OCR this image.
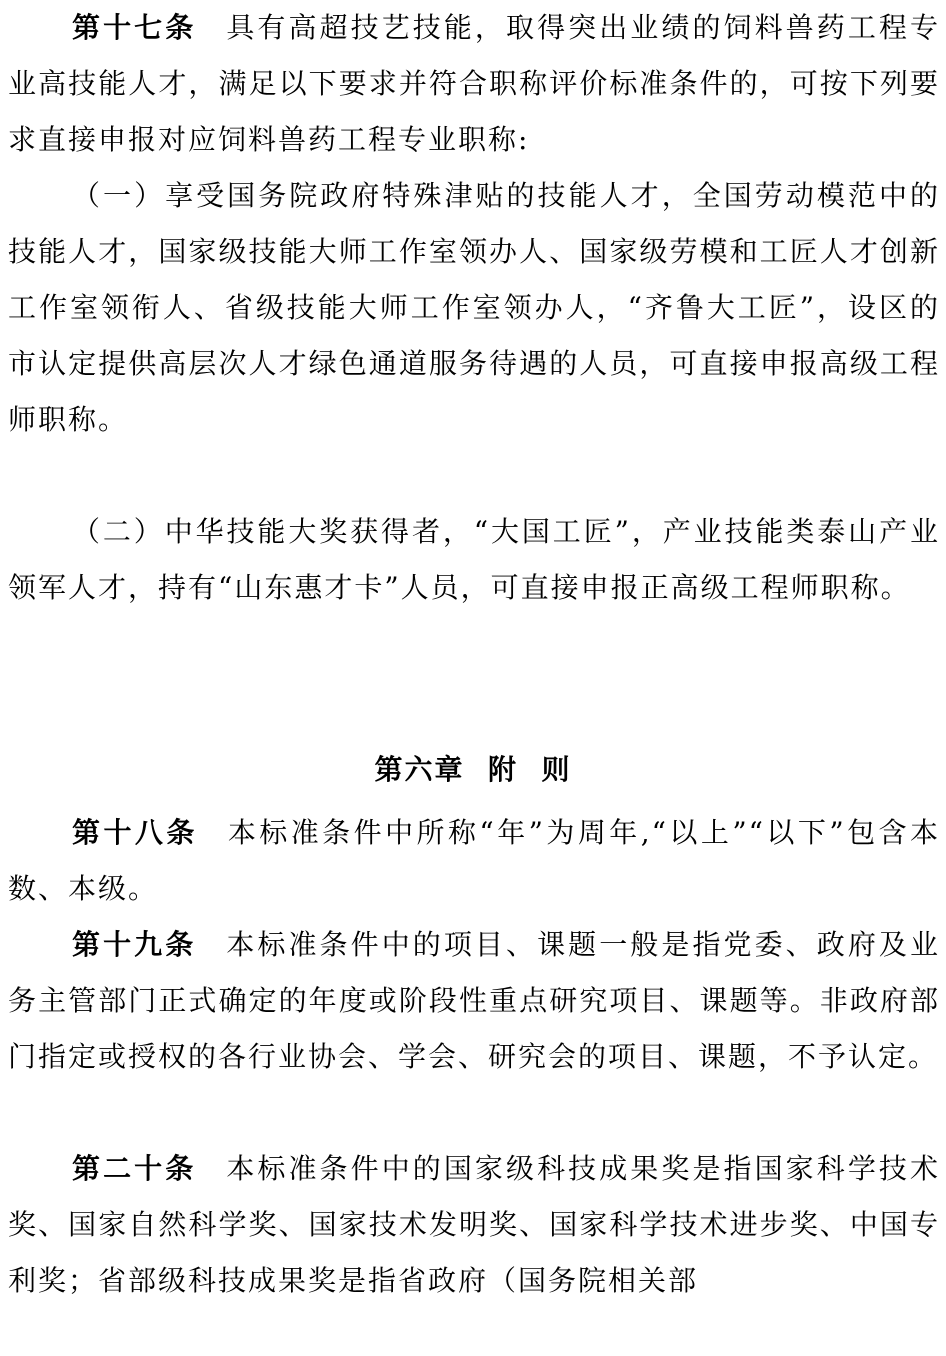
第十七条 具有高超技艺技能，取得突出业绩的饲料兽药工程专业高技能人才，满足以下要求并符合职称评价标准条件的，可按下列要求直接申报对应饲料兽药工程专业职称:

（一）享受国务院政府特殊津贴的技能人才，全国劳动模范中的技能人才，国家级技能大师工作室领办人、国家级劳模和工匠人才创新工作室领衔人、省级技能大师工作室领办人，“齐鲁大工匠”，设区的市认定提供高层次人才绿色通道服务待遇的人员，可直接申报高级工程师职称。

（二）中华技能大奖获得者，“大国工匠”，产业技能类泰山产业领军人才，持有“山东惠才卡”人员，可直接申报正高级工程师职称。

第六章  附  则

第十八条 本标准条件中所称“年”为周年,“以上”“以下”包含本数、本级。

第十九条 本标准条件中的项目、课题一般是指党委、政府及业务主管部门正式确定的年度或阶段性重点研究项目、课题等。非政府部门指定或授权的各行业协会、学会、研究会的项目、课题，不予认定。

第二十条 本标准条件中的国家级科技成果奖是指国家科学技术奖、国家自然科学奖、国家技术发明奖、国家科学技术进步奖、中国专利奖；省部级科技成果奖是指省政府（国务院相关部
